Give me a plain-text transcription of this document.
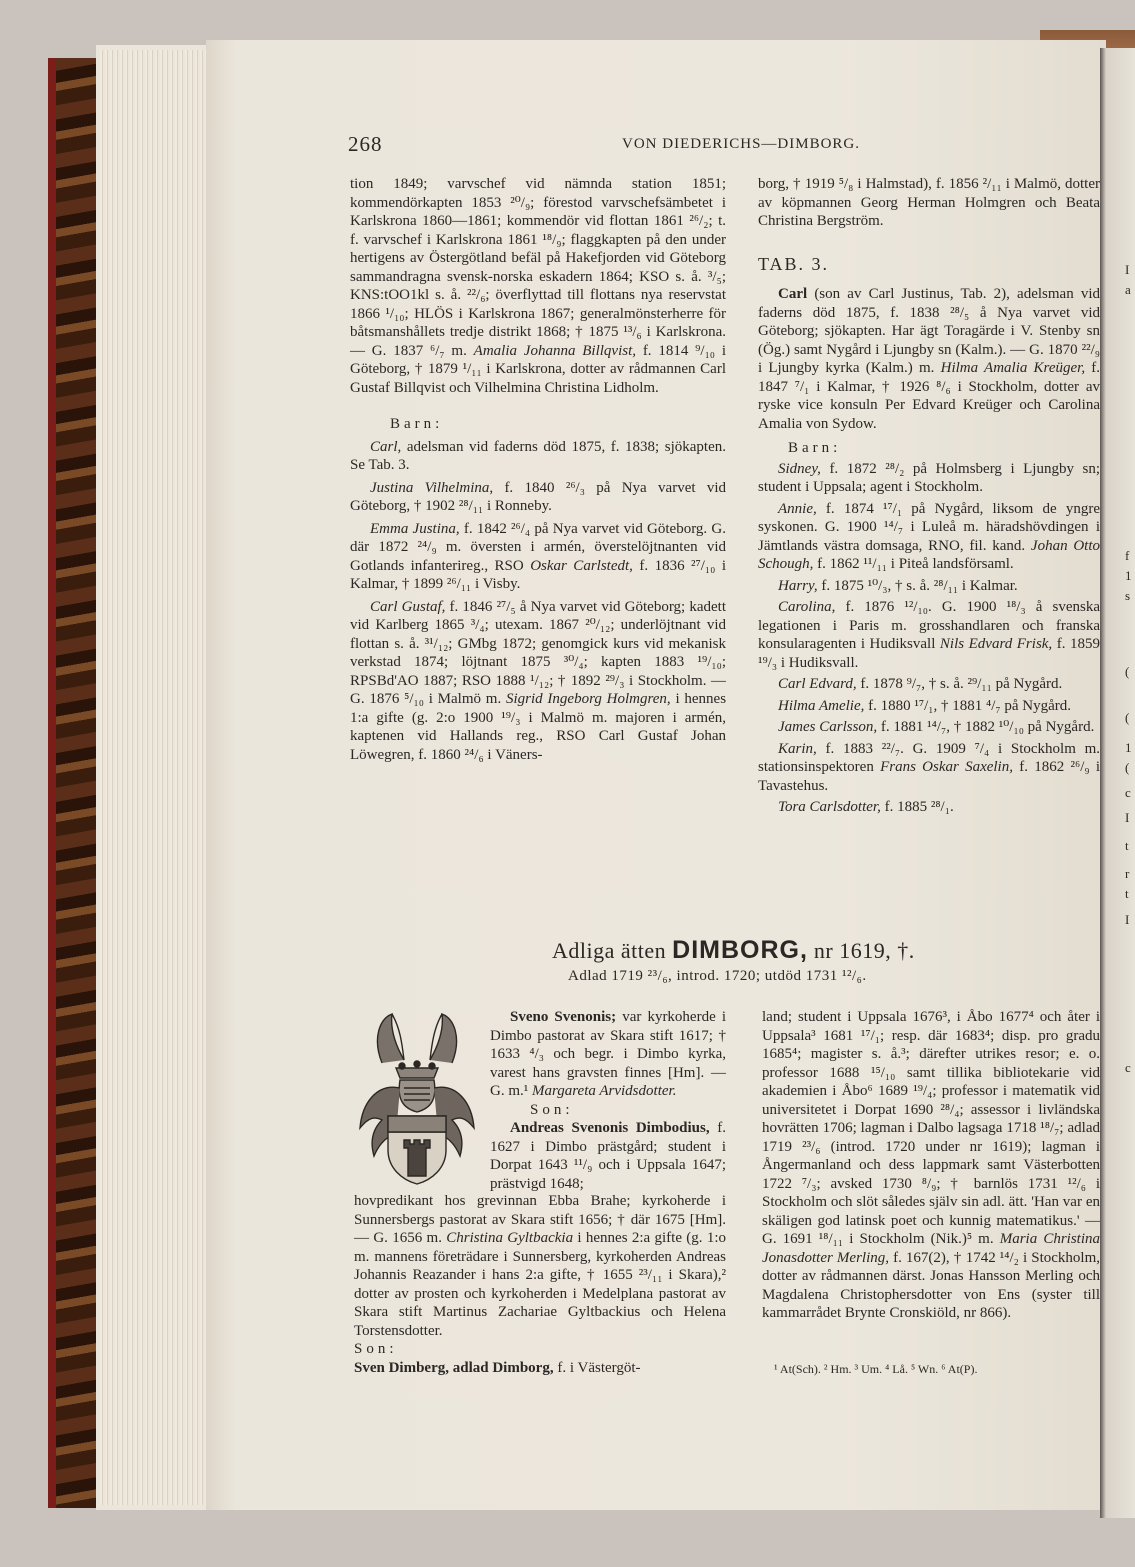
268	VON DIEDERICHS—DIMBORG.

tion 1849; varvschef vid nämnda station 1851; kommendörkapten 1853 ²⁰/₉; förestod varvschefsämbetet i Karlskrona 1860—1861; kommendör vid flottan 1861 ²⁶/₂; t. f. varvschef i Karlskrona 1861 ¹⁸/₉; flaggkapten på den under hertigens av Östergötland befäl på Hakefjorden vid Göteborg sammandragna svensk-norska eskadern 1864; KSO s. å. ³/₅; KNS:tOO1kl s. å. ²²/₆; överflyttad till flottans nya reservstat 1866 ¹/₁₀; HLÖS i Karlskrona 1867; generalmönsterherre för båtsmanshållets tredje distrikt 1868; † 1875 ¹³/₆ i Karlskrona. — G. 1837 ⁶/₇ m. Amalia Johanna Billqvist, f. 1814 ⁹/₁₀ i Göteborg, † 1879 ¹/₁₁ i Karlskrona, dotter av rådmannen Carl Gustaf Billqvist och Vilhelmina Christina Lidholm.

Barn:

Carl, adelsman vid faderns död 1875, f. 1838; sjökapten. Se Tab. 3.

Justina Vilhelmina, f. 1840 ²⁶/₃ på Nya varvet vid Göteborg, † 1902 ²⁸/₁₁ i Ronneby.

Emma Justina, f. 1842 ²⁶/₄ på Nya varvet vid Göteborg. G. där 1872 ²⁴/₉ m. översten i armén, överstelöjtnanten vid Gotlands infanterireg., RSO Oskar Carlstedt, f. 1836 ²⁷/₁₀ i Kalmar, † 1899 ²⁶/₁₁ i Visby.

Carl Gustaf, f. 1846 ²⁷/₅ å Nya varvet vid Göteborg; kadett vid Karlberg 1865 ³/₄; utexam. 1867 ²⁰/₁₂; underlöjtnant vid flottan s. å. ³¹/₁₂; GMbg 1872; genomgick kurs vid mekanisk verkstad 1874; löjtnant 1875 ³⁰/₄; kapten 1883 ¹⁹/₁₀; RPSBd'AO 1887; RSO 1888 ¹/₁₂; † 1892 ²⁹/₃ i Stockholm. — G. 1876 ⁵/₁₀ i Malmö m. Sigrid Ingeborg Holmgren, i hennes 1:a gifte (g. 2:o 1900 ¹⁹/₃ i Malmö m. majoren i armén, kaptenen vid Hallands reg., RSO Carl Gustaf Johan Löwegren, f. 1860 ²⁴/₆ i Väners-

borg, † 1919 ⁵/₈ i Halmstad), f. 1856 ²/₁₁ i Malmö, dotter av köpmannen Georg Herman Holmgren och Beata Christina Bergström.

TAB. 3.

Carl (son av Carl Justinus, Tab. 2), adelsman vid faderns död 1875, f. 1838 ²⁸/₅ å Nya varvet vid Göteborg; sjökapten. Har ägt Toragärde i V. Stenby sn (Ög.) samt Nygård i Ljungby sn (Kalm.). — G. 1870 ²²/₉ i Ljungby kyrka (Kalm.) m. Hilma Amalia Kreüger, f. 1847 ⁷/₁ i Kalmar, † 1926 ⁸/₆ i Stockholm, dotter av ryske vice konsuln Per Edvard Kreüger och Carolina Amalia von Sydow.

Barn:

Sidney, f. 1872 ²⁸/₂ på Holmsberg i Ljungby sn; student i Uppsala; agent i Stockholm.

Annie, f. 1874 ¹⁷/₁ på Nygård, liksom de yngre syskonen. G. 1900 ¹⁴/₇ i Luleå m. häradshövdingen i Jämtlands västra domsaga, RNO, fil. kand. Johan Otto Schough, f. 1862 ¹¹/₁₁ i Piteå landsförsaml.

Harry, f. 1875 ¹⁰/₃, † s. å. ²⁸/₁₁ i Kalmar.

Carolina, f. 1876 ¹²/₁₀. G. 1900 ¹⁸/₃ å svenska legationen i Paris m. grosshandlaren och franska konsularagenten i Hudiksvall Nils Edvard Frisk, f. 1859 ¹⁹/₃ i Hudiksvall.

Carl Edvard, f. 1878 ⁹/₇, † s. å. ²⁹/₁₁ på Nygård.

Hilma Amelie, f. 1880 ¹⁷/₁, † 1881 ⁴/₇ på Nygård.

James Carlsson, f. 1881 ¹⁴/₇, † 1882 ¹⁰/₁₀ på Nygård.

Karin, f. 1883 ²²/₇. G. 1909 ⁷/₄ i Stockholm m. stationsinspektoren Frans Oskar Saxelin, f. 1862 ²⁶/₉ i Tavastehus.

Tora Carlsdotter, f. 1885 ²⁸/₁.

Adliga ätten DIMBORG, nr 1619, †.
Adlad 1719 ²³/₆, introd. 1720; utdöd 1731 ¹²/₆.

Sveno Svenonis; var kyrkoherde i Dimbo pastorat av Skara stift 1617; † 1633 ⁴/₃ och begr. i Dimbo kyrka, varest hans gravsten finnes [Hm]. — G. m.¹ Margareta Arvidsdotter.

Son:

Andreas Svenonis Dimbodius, f. 1627 i Dimbo prästgård; student i Dorpat 1643 ¹¹/₉ och i Uppsala 1647; prästvigd 1648;

hovpredikant hos grevinnan Ebba Brahe; kyrkoherde i Sunnersbergs pastorat av Skara stift 1656; † där 1675 [Hm]. — G. 1656 m. Christina Gyltbackia i hennes 2:a gifte (g. 1:o m. mannens företrädare i Sunnersberg, kyrkoherden Andreas Johannis Reazander i hans 2:a gifte, † 1655 ²³/₁₁ i Skara),² dotter av prosten och kyrkoherden i Medelplana pastorat av Skara stift Martinus Zachariae Gyltbackius och Helena Torstensdotter.

Son:

Sven Dimberg, adlad Dimborg, f. i Västergöt-

land; student i Uppsala 1676³, i Åbo 1677⁴ och åter i Uppsala³ 1681 ¹⁷/₁; resp. där 1683⁴; disp. pro gradu 1685⁴; magister s. å.³; därefter utrikes resor; e. o. professor 1688 ¹⁵/₁₀ samt tillika bibliotekarie vid akademien i Åbo⁶ 1689 ¹⁹/₄; professor i matematik vid universitetet i Dorpat 1690 ²⁸/₄; assessor i livländska hovrätten 1706; lagman i Dalbo lagsaga 1718 ¹⁸/₇; adlad 1719 ²³/₆ (introd. 1720 under nr 1619); lagman i Ångermanland och dess lappmark samt Västerbotten 1722 ⁷/₃; avsked 1730 ⁸/₉; † barnlös 1731 ¹²/₆ i Stockholm och slöt således själv sin adl. ätt. 'Han var en skäligen god latinsk poet och kunnig matematikus.' — G. 1691 ¹⁸/₁₁ i Stockholm (Nik.)⁵ m. Maria Christina Jonasdotter Merling, f. 167(2), † 1742 ¹⁴/₂ i Stockholm, dotter av rådmannen därst. Jonas Hansson Merling och Magdalena Christophersdotter von Ens (syster till kammarrådet Brynte Cronskiöld, nr 866).

¹ At(Sch). ² Hm. ³ Um. ⁴ Lå. ⁵ Wn. ⁶ At(P).
I
a
f
1
s
(
(
1
(
c
I
t
r
t
I
c
